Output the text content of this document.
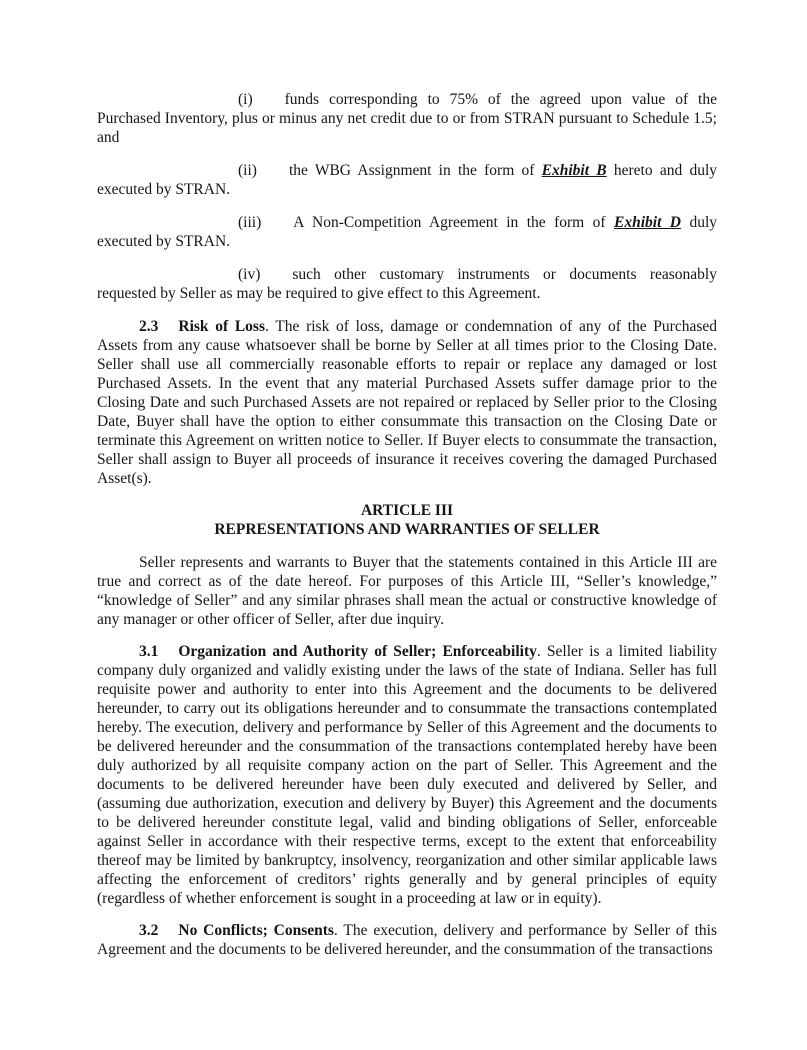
(i) funds corresponding to 75% of the agreed upon value of the Purchased Inventory, plus or minus any net credit due to or from STRAN pursuant to Schedule 1.5; and

(ii) the WBG Assignment in the form of Exhibit B hereto and duly executed by STRAN.

(iii) A Non-Competition Agreement in the form of Exhibit D duly executed by STRAN.

(iv) such other customary instruments or documents reasonably requested by Seller as may be required to give effect to this Agreement.

2.3 Risk of Loss. The risk of loss, damage or condemnation of any of the Purchased Assets from any cause whatsoever shall be borne by Seller at all times prior to the Closing Date. Seller shall use all commercially reasonable efforts to repair or replace any damaged or lost Purchased Assets. In the event that any material Purchased Assets suffer damage prior to the Closing Date and such Purchased Assets are not repaired or replaced by Seller prior to the Closing Date, Buyer shall have the option to either consummate this transaction on the Closing Date or terminate this Agreement on written notice to Seller. If Buyer elects to consummate the transaction, Seller shall assign to Buyer all proceeds of insurance it receives covering the damaged Purchased Asset(s).

ARTICLE III
REPRESENTATIONS AND WARRANTIES OF SELLER

Seller represents and warrants to Buyer that the statements contained in this Article III are true and correct as of the date hereof. For purposes of this Article III, “Seller’s knowledge,” “knowledge of Seller” and any similar phrases shall mean the actual or constructive knowledge of any manager or other officer of Seller, after due inquiry.

3.1 Organization and Authority of Seller; Enforceability. Seller is a limited liability company duly organized and validly existing under the laws of the state of Indiana. Seller has full requisite power and authority to enter into this Agreement and the documents to be delivered hereunder, to carry out its obligations hereunder and to consummate the transactions contemplated hereby. The execution, delivery and performance by Seller of this Agreement and the documents to be delivered hereunder and the consummation of the transactions contemplated hereby have been duly authorized by all requisite company action on the part of Seller. This Agreement and the documents to be delivered hereunder have been duly executed and delivered by Seller, and (assuming due authorization, execution and delivery by Buyer) this Agreement and the documents to be delivered hereunder constitute legal, valid and binding obligations of Seller, enforceable against Seller in accordance with their respective terms, except to the extent that enforceability thereof may be limited by bankruptcy, insolvency, reorganization and other similar applicable laws affecting the enforcement of creditors’ rights generally and by general principles of equity (regardless of whether enforcement is sought in a proceeding at law or in equity).

3.2 No Conflicts; Consents. The execution, delivery and performance by Seller of this Agreement and the documents to be delivered hereunder, and the consummation of the transactions
